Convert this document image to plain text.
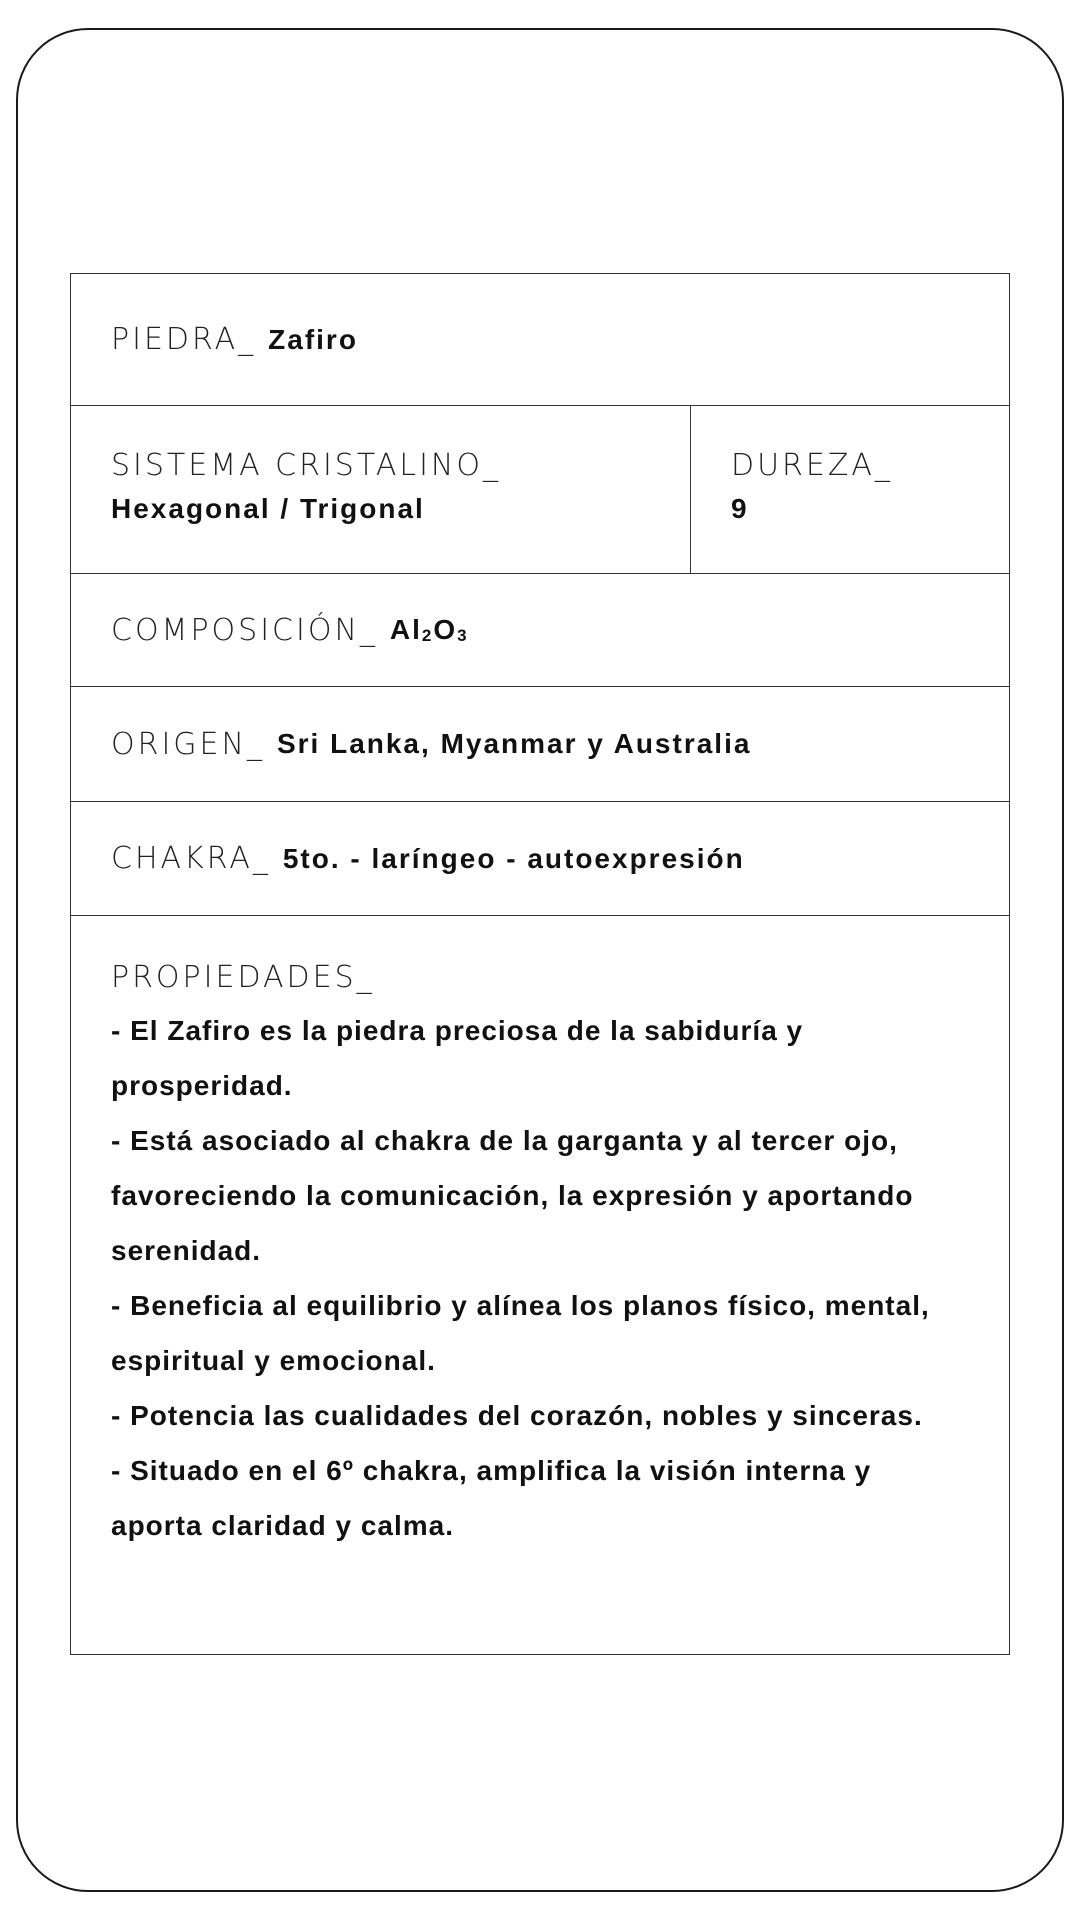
PIEDRA_ Zafiro
SISTEMA CRISTALINO_
Hexagonal / Trigonal
DUREZA_
9
COMPOSICIÓN_ $Al_2O_3$
ORIGEN_ Sri Lanka, Myanmar y Australia
CHAKRA_ 5to. - laríngeo - autoexpresión
PROPIEDADES_
- El Zafiro es la piedra preciosa de la sabiduría y prosperidad.
- Está asociado al chakra de la garganta y al tercer ojo, favoreciendo la comunicación, la expresión y aportando serenidad.
- Beneficia al equilibrio y alínea los planos físico, mental, espiritual y emocional.
- Potencia las cualidades del corazón, nobles y sinceras.
- Situado en el 6º chakra, amplifica la visión interna y aporta claridad y calma.
